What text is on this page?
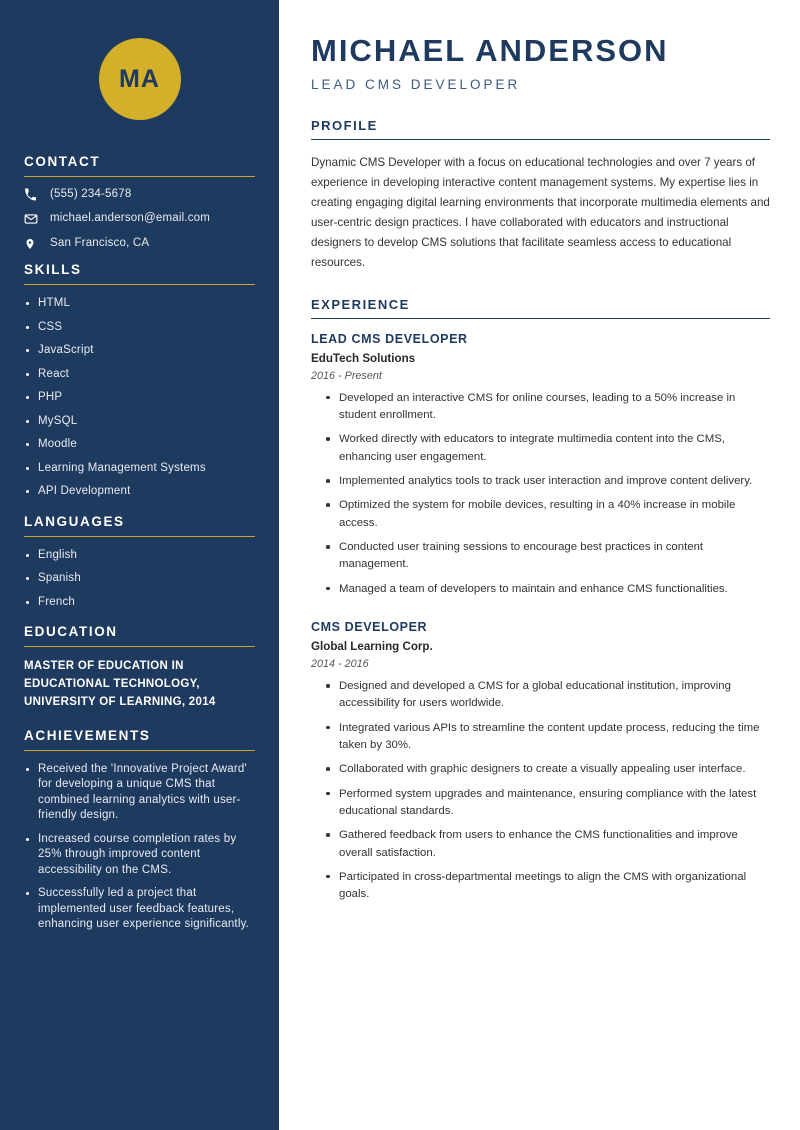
MA
CONTACT
(555) 234-5678
michael.anderson@email.com
San Francisco, CA
SKILLS
HTML
CSS
JavaScript
React
PHP
MySQL
Moodle
Learning Management Systems
API Development
LANGUAGES
English
Spanish
French
EDUCATION
MASTER OF EDUCATION IN EDUCATIONAL TECHNOLOGY, UNIVERSITY OF LEARNING, 2014
ACHIEVEMENTS
Received the 'Innovative Project Award' for developing a unique CMS that combined learning analytics with user-friendly design.
Increased course completion rates by 25% through improved content accessibility on the CMS.
Successfully led a project that implemented user feedback features, enhancing user experience significantly.
MICHAEL ANDERSON
LEAD CMS DEVELOPER
PROFILE
Dynamic CMS Developer with a focus on educational technologies and over 7 years of experience in developing interactive content management systems. My expertise lies in creating engaging digital learning environments that incorporate multimedia elements and user-centric design practices. I have collaborated with educators and instructional designers to develop CMS solutions that facilitate seamless access to educational resources.
EXPERIENCE
LEAD CMS DEVELOPER
EduTech Solutions
2016 - Present
Developed an interactive CMS for online courses, leading to a 50% increase in student enrollment.
Worked directly with educators to integrate multimedia content into the CMS, enhancing user engagement.
Implemented analytics tools to track user interaction and improve content delivery.
Optimized the system for mobile devices, resulting in a 40% increase in mobile access.
Conducted user training sessions to encourage best practices in content management.
Managed a team of developers to maintain and enhance CMS functionalities.
CMS DEVELOPER
Global Learning Corp.
2014 - 2016
Designed and developed a CMS for a global educational institution, improving accessibility for users worldwide.
Integrated various APIs to streamline the content update process, reducing the time taken by 30%.
Collaborated with graphic designers to create a visually appealing user interface.
Performed system upgrades and maintenance, ensuring compliance with the latest educational standards.
Gathered feedback from users to enhance the CMS functionalities and improve overall satisfaction.
Participated in cross-departmental meetings to align the CMS with organizational goals.
